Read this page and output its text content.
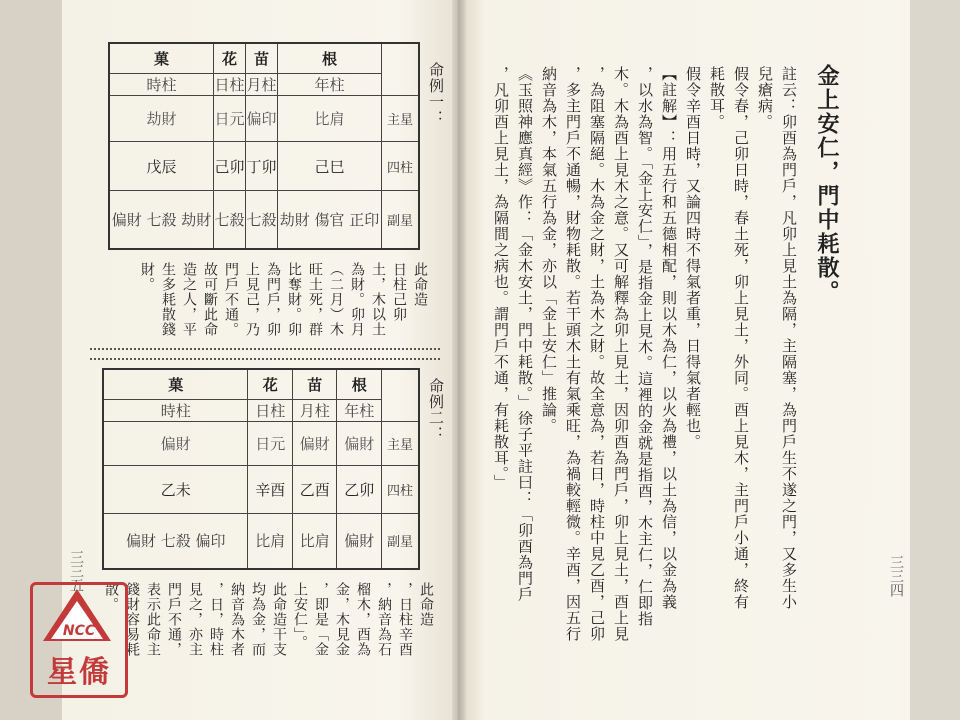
命例一：
菓	花	苗	根	
時柱	日柱	月柱	年柱	
劫財	日元	偏印	比肩	主星
戊辰	己卯	丁卯	己巳	四柱
偏財 七殺 劫財	七殺	七殺	劫財 傷官 正印	副星
此命造
日柱己卯
土，木以土
為財。卯月
（二月）木
旺土死，群
比奪財。卯
為門戶，卯
上見己，乃
門戶不通。
故可斷此命
造之人，平
生多耗散錢
財。
命例二：
菓	花	苗	根	
時柱	日柱	月柱	年柱	
偏財	日元	偏財	偏財	主星
乙未	辛酉	乙酉	乙卯	四柱
偏財 七殺 偏印	比肩	比肩	偏財	副星
此命造
，日柱辛酉
，納音為石
榴木，酉為
金，木見金
，即是「金
上安仁」。
此命造干支
均為金，而
納音為木者
，日，時柱
見之，亦主
門戶不通，
表示此命主
錢財容易耗
散。
三三五
金上安仁，門中耗散。
註云：卯酉為門戶，凡卯上見土為隔，主隔塞，為門戶生不遂之門，又多生小
兒瘡病。
假令春，己卯日時，春土死，卯上見土，外同。酉上見木，主門戶小通，終有
耗散耳。
假令辛酉日時，又論四時不得氣者重，日得氣者輕也。
【註解】：用五行和五德相配，則以木為仁，以火為禮，以土為信，以金為義
，以水為智。「金上安仁」，是指金上見木。這裡的金就是指酉，木主仁，仁即指
木。木為酉上見木之意。又可解釋為卯上見土，因卯酉為門戶，卯上見土，酉上見
，為阻塞隔絕。木為金之財，土為木之財。故全意為，若日，時柱中見乙酉，己卯
，多主門戶不通暢，財物耗散。若干頭木土有氣乘旺，為禍較輕微。辛酉，因五行
納音為木，本氣五行為金，亦以「金上安仁」推論。
《玉照神應真經》作：「金木安土，門中耗散。」徐子平註曰：「卯酉為門戶
，凡卯酉上見土，為隔間之病也。謂門戶不通，有耗散耳。」
三三四
NCC
星僑
